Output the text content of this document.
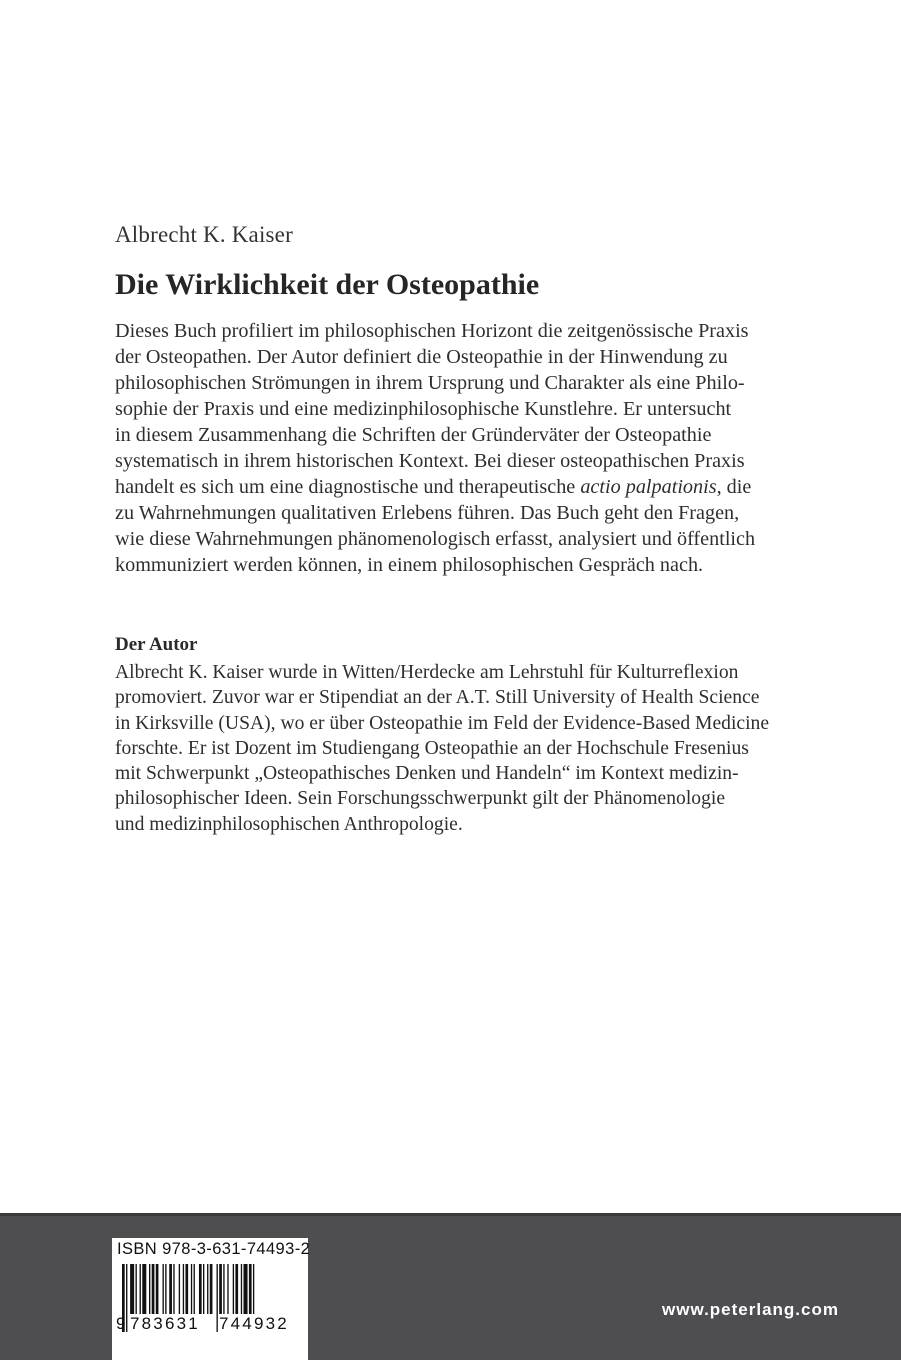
Albrecht K. Kaiser
Die Wirklichkeit der Osteopathie
Dieses Buch profiliert im philosophischen Horizont die zeitgenössische Praxis
der Osteopathen. Der Autor definiert die Osteopathie in der Hinwendung zu
philosophischen Strömungen in ihrem Ursprung und Charakter als eine Philo-
sophie der Praxis und eine medizinphilosophische Kunstlehre. Er untersucht
in diesem Zusammenhang die Schriften der Gründerväter der Osteopathie
systematisch in ihrem historischen Kontext. Bei dieser osteopathischen Praxis
handelt es sich um eine diagnostische und therapeutische actio palpationis, die
zu Wahrnehmungen qualitativen Erlebens führen. Das Buch geht den Fragen,
wie diese Wahrnehmungen phänomenologisch erfasst, analysiert und öffentlich
kommuniziert werden können, in einem philosophischen Gespräch nach.
Der Autor
Albrecht K. Kaiser wurde in Witten/Herdecke am Lehrstuhl für Kulturreflexion
promoviert. Zuvor war er Stipendiat an der A.T. Still University of Health Science
in Kirksville (USA), wo er über Osteopathie im Feld der Evidence-Based Medicine
forschte. Er ist Dozent im Studiengang Osteopathie an der Hochschule Fresenius
mit Schwerpunkt „Osteopathisches Denken und Handeln“ im Kontext medizin-
philosophischer Ideen. Sein Forschungsschwerpunkt gilt der Phänomenologie
und medizinphilosophischen Anthropologie.
ISBN 978-3-631-74493-2
9 783631	744932
www.peterlang.com
